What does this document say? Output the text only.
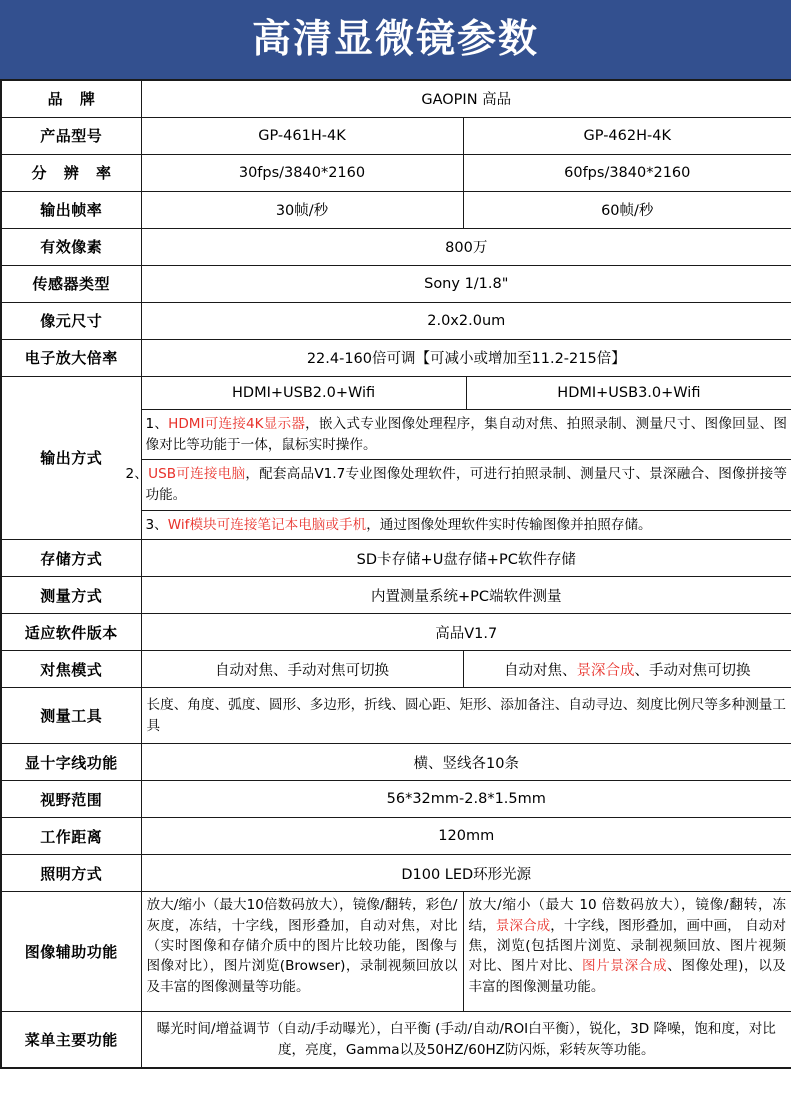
高清显微镜参数
品 牌	GAOPIN 高品
产品型号	GP-461H-4K	GP-462H-4K
分 辨 率	30fps/3840*2160	60fps/3840*2160
输出帧率	30帧/秒	60帧/秒
有效像素	800万
传感器类型	Sony 1/1.8"
像元尺寸	2.0x2.0um
电子放大倍率	22.4-160倍可调【可减小或增加至11.2-215倍】
输出方式	
HDMI+USB2.0+Wifi	HDMI+USB3.0+Wifi
1、HDMI可连接4K显示器，嵌入式专业图像处理程序，集自动对焦、拍照录制、测量尺寸、图像回显、图像对比等功能于一体，鼠标实时操作。
2、USB可连接电脑，配套高品V1.7专业图像处理软件，可进行拍照录制、测量尺寸、景深融合、图像拼接等功能。
3、Wif模块可连接笔记本电脑或手机，通过图像处理软件实时传输图像并拍照存储。

存储方式	SD卡存储+U盘存储+PC软件存储
测量方式	内置测量系统+PC端软件测量
适应软件版本	高品V1.7
对焦模式	自动对焦、手动对焦可切换	自动对焦、景深合成、手动对焦可切换
测量工具	长度、角度、弧度、圆形、多边形，折线、圆心距、矩形、添加备注、自动寻边、刻度比例尺等多种测量工具
显十字线功能	横、竖线各10条
视野范围	56*32mm-2.8*1.5mm
工作距离	120mm
照明方式	D100 LED环形光源
图像辅助功能	放大/缩小（最大10倍数码放大），镜像/翻转，彩色/灰度，冻结，十字线，图形叠加，自动对焦，对比（实时图像和存储介质中的图片比较功能，图像与图像对比），图片浏览(Browser)，录制视频回放以及丰富的图像测量等功能。	放大/缩小（最大 10 倍数码放大），镜像/翻转，冻结，景深合成，十字线，图形叠加，画中画， 自动对焦，浏览(包括图片浏览、录制视频回放、图片视频对比、图片对比、图片景深合成、图像处理)，以及丰富的图像测量功能。
菜单主要功能	曝光时间/增益调节（自动/手动曝光），白平衡 (手动/自动/ROI白平衡），锐化，3D 降噪，饱和度，对比度，亮度，Gamma以及50HZ/60HZ防闪烁，彩转灰等功能。
